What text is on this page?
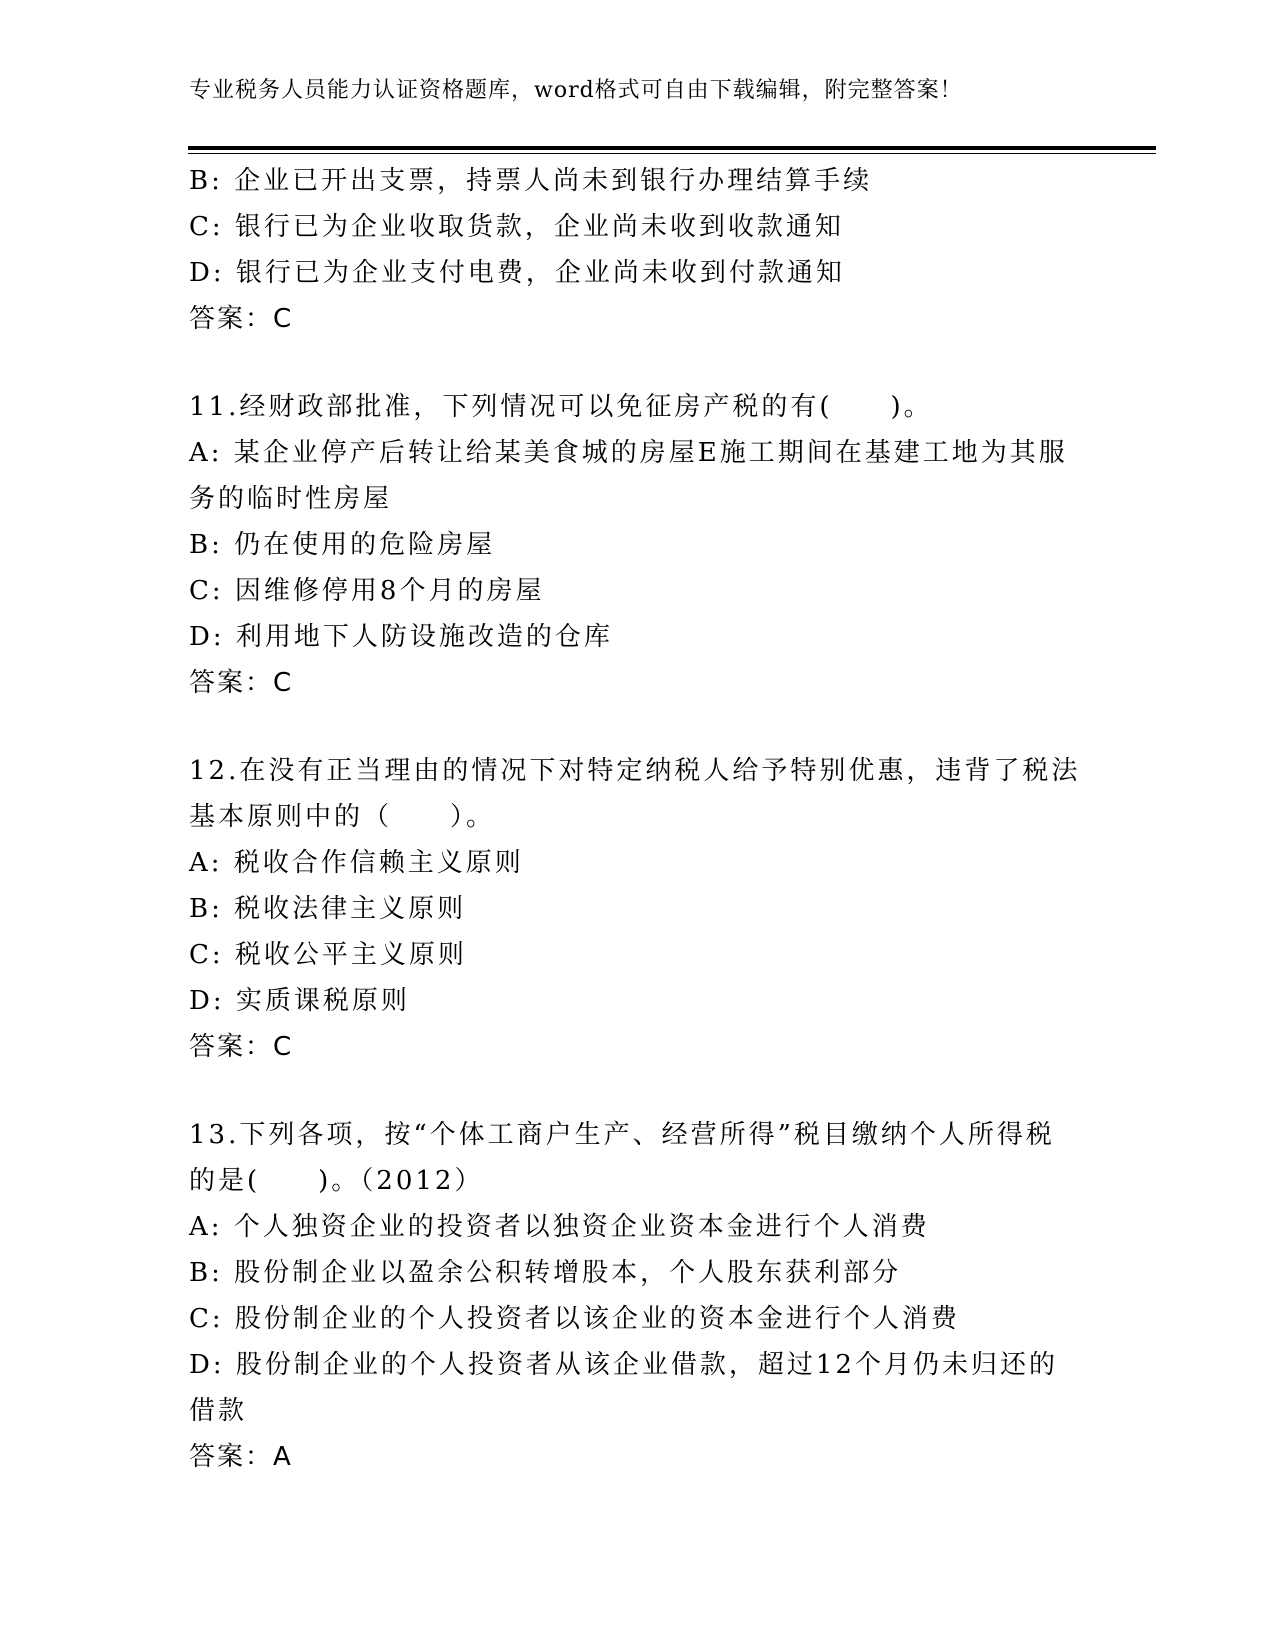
专业税务人员能力认证资格题库，word格式可自由下载编辑，附完整答案！
B: 企业已开出支票，持票人尚未到银行办理结算手续
C: 银行已为企业收取货款，企业尚未收到收款通知
D: 银行已为企业支付电费，企业尚未收到付款通知
答案：C
11.经财政部批准，下列情况可以免征房产税的有(　　)。
A: 某企业停产后转让给某美食城的房屋E施工期间在基建工地为其服
务的临时性房屋
B: 仍在使用的危险房屋
C: 因维修停用8个月的房屋
D: 利用地下人防设施改造的仓库
答案：C
12.在没有正当理由的情况下对特定纳税人给予特别优惠，违背了税法
基本原则中的（　　）。
A: 税收合作信赖主义原则
B: 税收法律主义原则
C: 税收公平主义原则
D: 实质课税原则
答案：C
13.下列各项，按“个体工商户生产、经营所得”税目缴纳个人所得税
的是(　　)。（2012）
A: 个人独资企业的投资者以独资企业资本金进行个人消费
B: 股份制企业以盈余公积转增股本，个人股东获利部分
C: 股份制企业的个人投资者以该企业的资本金进行个人消费
D: 股份制企业的个人投资者从该企业借款，超过12个月仍未归还的
借款
答案：A
